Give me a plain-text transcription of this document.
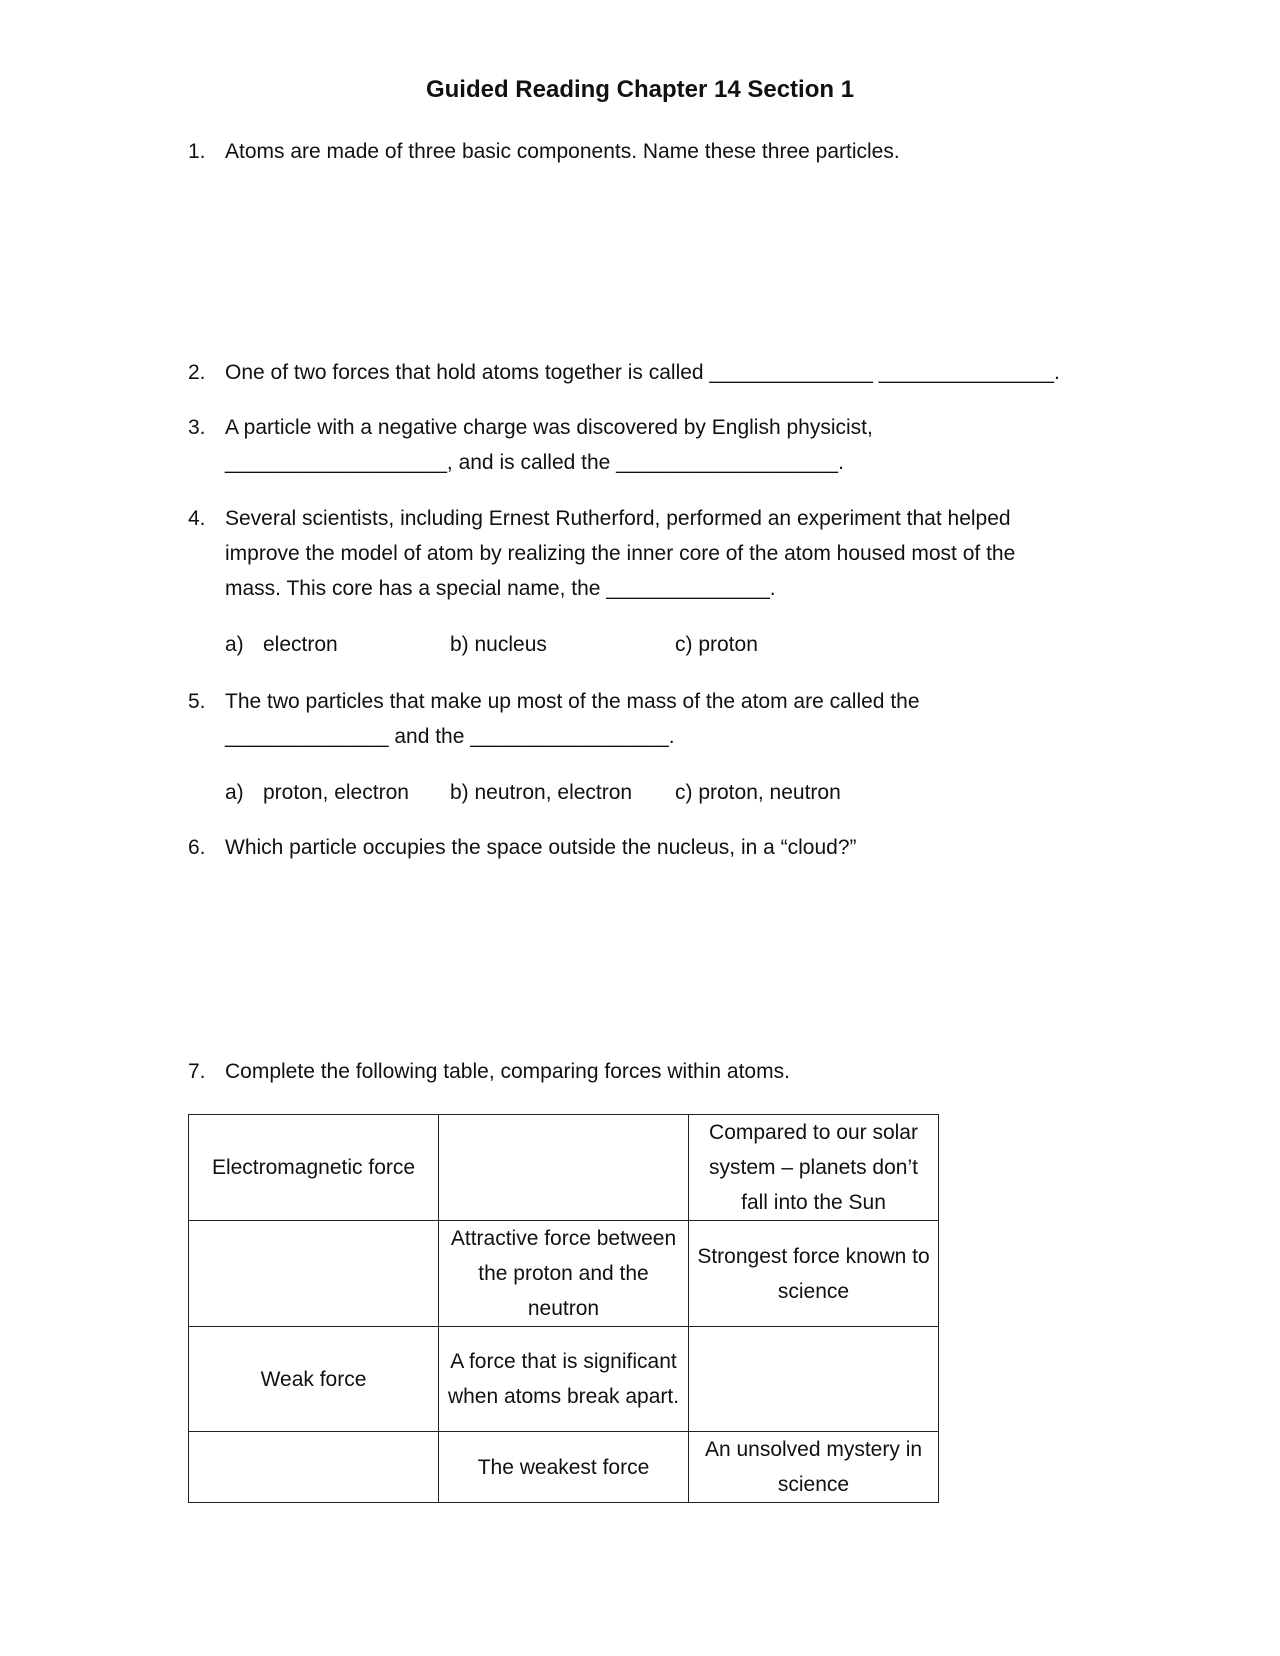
Guided Reading Chapter 14 Section 1
1. Atoms are made of three basic components. Name these three particles.
2. One of two forces that hold atoms together is called ______________ _______________.
3. A particle with a negative charge was discovered by English physicist,
___________________, and is called the ___________________.
4. Several scientists, including Ernest Rutherford, performed an experiment that helped
improve the model of atom by realizing the inner core of the atom housed most of the
mass. This core has a special name, the ______________.
a) electron	b) nucleus	c) proton
5. The two particles that make up most of the mass of the atom are called the
______________ and the _________________.
a) proton, electron b) neutron, electron c) proton, neutron
6. Which particle occupies the space outside the nucleus, in a “cloud?”
7. Complete the following table, comparing forces within atoms.
Electromagnetic force		Compared to our solar system – planets don’t fall into the Sun
	Attractive force between the proton and the neutron	Strongest force known to science
Weak force	A force that is significant when atoms break apart.	
	The weakest force	An unsolved mystery in science
